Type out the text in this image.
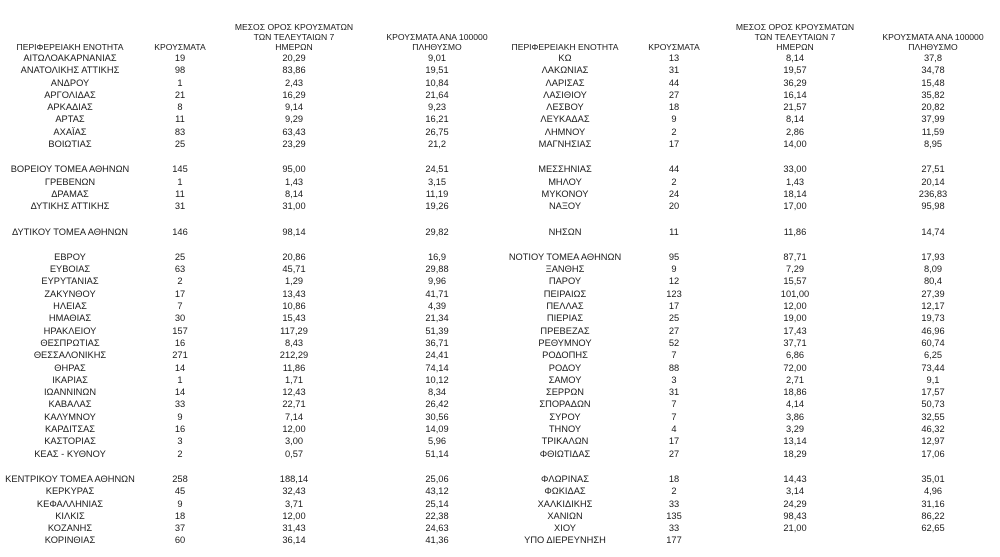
ΠΕΡΙΦΕΡΕΙΑΚΗ ΕΝΟΤΗΤΑ	ΚΡΟΥΣΜΑΤΑ	ΜΕΣΟΣ ΟΡΟΣ ΚΡΟΥΣΜΑΤΩΝ
ΤΩΝ ΤΕΛΕΥΤΑΙΩΝ 7
ΗΜΕΡΩΝ	ΚΡΟΥΣΜΑΤΑ ΑΝΑ 100000
ΠΛΗΘΥΣΜΟ
ΑΙΤΩΛΟΑΚΑΡΝΑΝΙΑΣ	19	20,29	9,01
ΑΝΑΤΟΛΙΚΗΣ ΑΤΤΙΚΗΣ	98	83,86	19,51
ΑΝΔΡΟΥ	1	2,43	10,84
ΑΡΓΟΛΙΔΑΣ	21	16,29	21,64
ΑΡΚΑΔΙΑΣ	8	9,14	9,23
ΑΡΤΑΣ	11	9,29	16,21
ΑΧΑΪΑΣ	83	63,43	26,75
ΒΟΙΩΤΙΑΣ	25	23,29	21,2

ΒΟΡΕΙΟΥ ΤΟΜΕΑ ΑΘΗΝΩΝ	145	95,00	24,51
ΓΡΕΒΕΝΩΝ	1	1,43	3,15
ΔΡΑΜΑΣ	11	8,14	11,19
ΔΥΤΙΚΗΣ ΑΤΤΙΚΗΣ	31	31,00	19,26

ΔΥΤΙΚΟΥ ΤΟΜΕΑ ΑΘΗΝΩΝ	146	98,14	29,82

ΕΒΡΟΥ	25	20,86	16,9
ΕΥΒΟΙΑΣ	63	45,71	29,88
ΕΥΡΥΤΑΝΙΑΣ	2	1,29	9,96
ΖΑΚΥΝΘΟΥ	17	13,43	41,71
ΗΛΕΙΑΣ	7	10,86	4,39
ΗΜΑΘΙΑΣ	30	15,43	21,34
ΗΡΑΚΛΕΙΟΥ	157	117,29	51,39
ΘΕΣΠΡΩΤΙΑΣ	16	8,43	36,71
ΘΕΣΣΑΛΟΝΙΚΗΣ	271	212,29	24,41
ΘΗΡΑΣ	14	11,86	74,14
ΙΚΑΡΙΑΣ	1	1,71	10,12
ΙΩΑΝΝΙΝΩΝ	14	12,43	8,34
ΚΑΒΑΛΑΣ	33	22,71	26,42
ΚΑΛΥΜΝΟΥ	9	7,14	30,56
ΚΑΡΔΙΤΣΑΣ	16	12,00	14,09
ΚΑΣΤΟΡΙΑΣ	3	3,00	5,96
ΚΕΑΣ - ΚΥΘΝΟΥ	2	0,57	51,14

ΚΕΝΤΡΙΚΟΥ ΤΟΜΕΑ ΑΘΗΝΩΝ	258	188,14	25,06
ΚΕΡΚΥΡΑΣ	45	32,43	43,12
ΚΕΦΑΛΛΗΝΙΑΣ	9	3,71	25,14
ΚΙΛΚΙΣ	18	12,00	22,38
ΚΟΖΑΝΗΣ	37	31,43	24,63
ΚΟΡΙΝΘΙΑΣ	60	36,14	41,36
ΠΕΡΙΦΕΡΕΙΑΚΗ ΕΝΟΤΗΤΑ	ΚΡΟΥΣΜΑΤΑ	ΜΕΣΟΣ ΟΡΟΣ ΚΡΟΥΣΜΑΤΩΝ
ΤΩΝ ΤΕΛΕΥΤΑΙΩΝ 7
ΗΜΕΡΩΝ	ΚΡΟΥΣΜΑΤΑ ΑΝΑ 100000
ΠΛΗΘΥΣΜΟ
ΚΩ	13	8,14	37,8
ΛΑΚΩΝΙΑΣ	31	19,57	34,78
ΛΑΡΙΣΑΣ	44	36,29	15,48
ΛΑΣΙΘΙΟΥ	27	16,14	35,82
ΛΕΣΒΟΥ	18	21,57	20,82
ΛΕΥΚΑΔΑΣ	9	8,14	37,99
ΛΗΜΝΟΥ	2	2,86	11,59
ΜΑΓΝΗΣΙΑΣ	17	14,00	8,95

ΜΕΣΣΗΝΙΑΣ	44	33,00	27,51
ΜΗΛΟΥ	2	1,43	20,14
ΜΥΚΟΝΟΥ	24	18,14	236,83
ΝΑΞΟΥ	20	17,00	95,98

ΝΗΣΩΝ	11	11,86	14,74

ΝΟΤΙΟΥ ΤΟΜΕΑ ΑΘΗΝΩΝ	95	87,71	17,93
ΞΑΝΘΗΣ	9	7,29	8,09
ΠΑΡΟΥ	12	15,57	80,4
ΠΕΙΡΑΙΩΣ	123	101,00	27,39
ΠΕΛΛΑΣ	17	12,00	12,17
ΠΙΕΡΙΑΣ	25	19,00	19,73
ΠΡΕΒΕΖΑΣ	27	17,43	46,96
ΡΕΘΥΜΝΟΥ	52	37,71	60,74
ΡΟΔΟΠΗΣ	7	6,86	6,25
ΡΟΔΟΥ	88	72,00	73,44
ΣΑΜΟΥ	3	2,71	9,1
ΣΕΡΡΩΝ	31	18,86	17,57
ΣΠΟΡΑΔΩΝ	7	4,14	50,73
ΣΥΡΟΥ	7	3,86	32,55
ΤΗΝΟΥ	4	3,29	46,32
ΤΡΙΚΑΛΩΝ	17	13,14	12,97
ΦΘΙΩΤΙΔΑΣ	27	18,29	17,06

ΦΛΩΡΙΝΑΣ	18	14,43	35,01
ΦΩΚΙΔΑΣ	2	3,14	4,96
ΧΑΛΚΙΔΙΚΗΣ	33	24,29	31,16
ΧΑΝΙΩΝ	135	98,43	86,22
ΧΙΟΥ	33	21,00	62,65
ΥΠΟ ΔΙΕΡΕΥΝΗΣΗ	177		
